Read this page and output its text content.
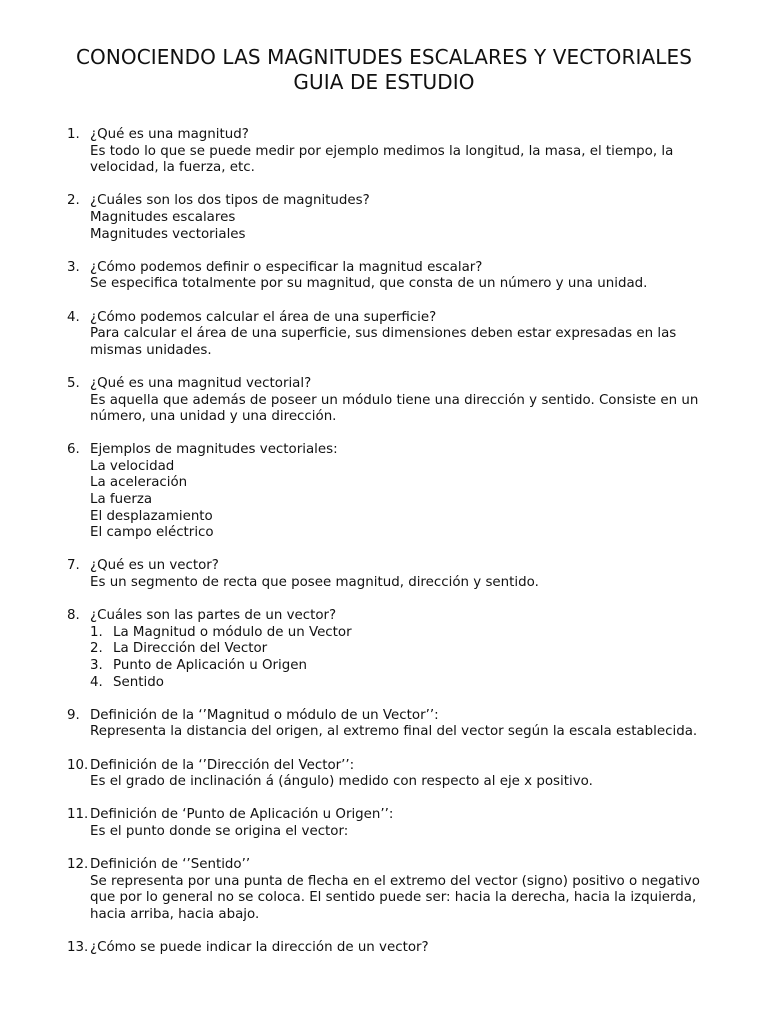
CONOCIENDO LAS MAGNITUDES ESCALARES Y VECTORIALES
GUIA DE ESTUDIO
1. ¿Qué es una magnitud?
Es todo lo que se puede medir por ejemplo medimos la longitud, la masa, el tiempo, la
velocidad, la fuerza, etc.
2. ¿Cuáles son los dos tipos de magnitudes?
Magnitudes escalares
Magnitudes vectoriales
3. ¿Cómo podemos definir o especificar la magnitud escalar?
Se especifica totalmente por su magnitud, que consta de un número y una unidad.
4. ¿Cómo podemos calcular el área de una superficie?
Para calcular el área de una superficie, sus dimensiones deben estar expresadas en las
mismas unidades.
5. ¿Qué es una magnitud vectorial?
Es aquella que además de poseer un módulo tiene una dirección y sentido. Consiste en un
número, una unidad y una dirección.
6. Ejemplos de magnitudes vectoriales:
La velocidad
La aceleración
La fuerza
El desplazamiento
El campo eléctrico
7. ¿Qué es un vector?
Es un segmento de recta que posee magnitud, dirección y sentido.
8. ¿Cuáles son las partes de un vector?
1. La Magnitud o módulo de un Vector
2. La Dirección del Vector
3. Punto de Aplicación u Origen
4. Sentido
9. Definición de la ‘’Magnitud o módulo de un Vector’’:
Representa la distancia del origen, al extremo final del vector según la escala establecida.
10. Definición de la ‘’Dirección del Vector’’:
Es el grado de inclinación á (ángulo) medido con respecto al eje x positivo.
11. Definición de ‘Punto de Aplicación u Origen’’:
Es el punto donde se origina el vector:
12. Definición de ‘’Sentido’’
Se representa por una punta de flecha en el extremo del vector (signo) positivo o negativo
que por lo general no se coloca. El sentido puede ser: hacia la derecha, hacia la izquierda,
hacia arriba, hacia abajo.
13. ¿Cómo se puede indicar la dirección de un vector?
